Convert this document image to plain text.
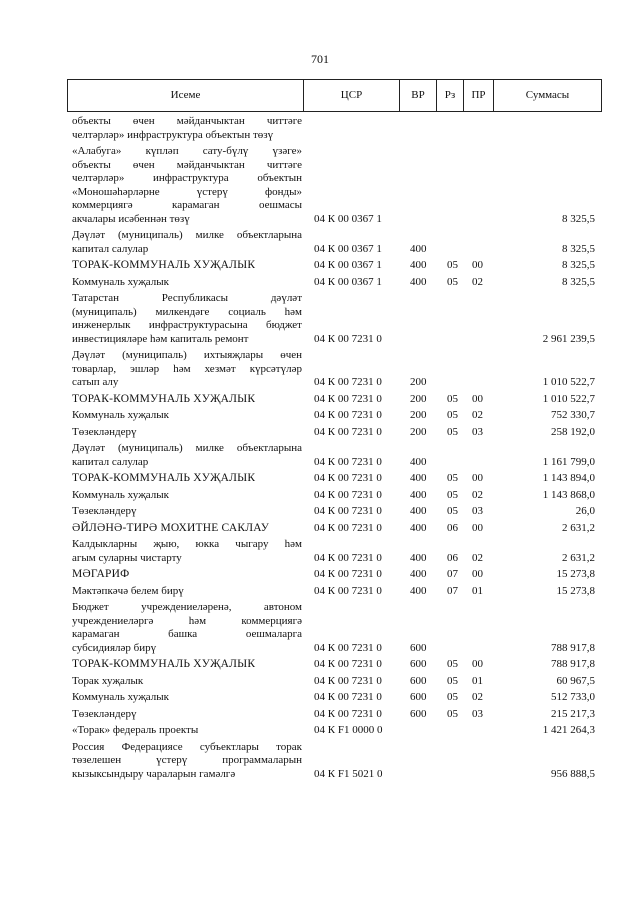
701
Исеме	ЦСР	ВР	Рз	ПР	Суммасы
объекты өчен мәйданчыктан читтәге
челтәрләр» инфраструктура объектын төзү
«Алабуга» күпләп сату-бүлү үзәге»
объекты өчен мәйданчыктан читтәге
челтәрләр» инфраструктура объектын
«Моношәһәрләрне үстерү фонды»
коммерциягә карамаган оешмасы
акчалары исәбеннән төзү	04 К 00 0367 1	8 325,5
Дәүләт (муниципаль) милке объектларына
капитал салулар	04 К 00 0367 1	400	8 325,5
ТОРАК-КОММУНАЛЬ ХУҖАЛЫК	04 К 00 0367 1	400 05 00	8 325,5
Коммуналь хуҗалык	04 К 00 0367 1	400 05 02	8 325,5
Татарстан Республикасы дәүләт
(муниципаль) милкендәге социаль һәм
инженерлык инфраструктурасына бюджет
инвестицияләре һәм капиталь ремонт	04 К 00 7231 0	2 961 239,5
Дәүләт (муниципаль) ихтыяҗлары өчен
товарлар, эшләр һәм хезмәт күрсәтүләр
сатып алу	04 К 00 7231 0	200	1 010 522,7
ТОРАК-КОММУНАЛЬ ХУҖАЛЫК	04 К 00 7231 0	200 05 00	1 010 522,7
Коммуналь хуҗалык	04 К 00 7231 0	200 05 02	752 330,7
Төзекләндерү	04 К 00 7231 0	200 05 03	258 192,0
Дәүләт (муниципаль) милке объектларына
капитал салулар	04 К 00 7231 0	400	1 161 799,0
ТОРАК-КОММУНАЛЬ ХУҖАЛЫК	04 К 00 7231 0	400 05 00	1 143 894,0
Коммуналь хуҗалык	04 К 00 7231 0	400 05 02	1 143 868,0
Төзекләндерү	04 К 00 7231 0	400 05 03	26,0
ӘЙЛӘНӘ-ТИРӘ МОХИТНЕ САКЛАУ	04 К 00 7231 0	400 06 00	2 631,2
Калдыкларны җыю, юкка чыгару һәм
агым суларны чистарту	04 К 00 7231 0	400 06 02	2 631,2
МӘГАРИФ	04 К 00 7231 0	400 07 00	15 273,8
Мәктәпкәчә белем бирү	04 К 00 7231 0	400 07 01	15 273,8
Бюджет учреждениеләренә, автоном
учреждениеләргә һәм коммерциягә
карамаган башка оешмаларга
субсидияләр бирү	04 К 00 7231 0	600	788 917,8
ТОРАК-КОММУНАЛЬ ХУҖАЛЫК	04 К 00 7231 0	600 05 00	788 917,8
Торак хуҗалык	04 К 00 7231 0	600 05 01	60 967,5
Коммуналь хуҗалык	04 К 00 7231 0	600 05 02	512 733,0
Төзекләндерү	04 К 00 7231 0	600 05 03	215 217,3
«Торак» федераль проекты	04 К F1 0000 0	1 421 264,3
Россия Федерациясе субъектлары торак
төзелешен үстерү программаларын
кызыксындыру чараларын гамәлгә	04 К F1 5021 0	956 888,5
